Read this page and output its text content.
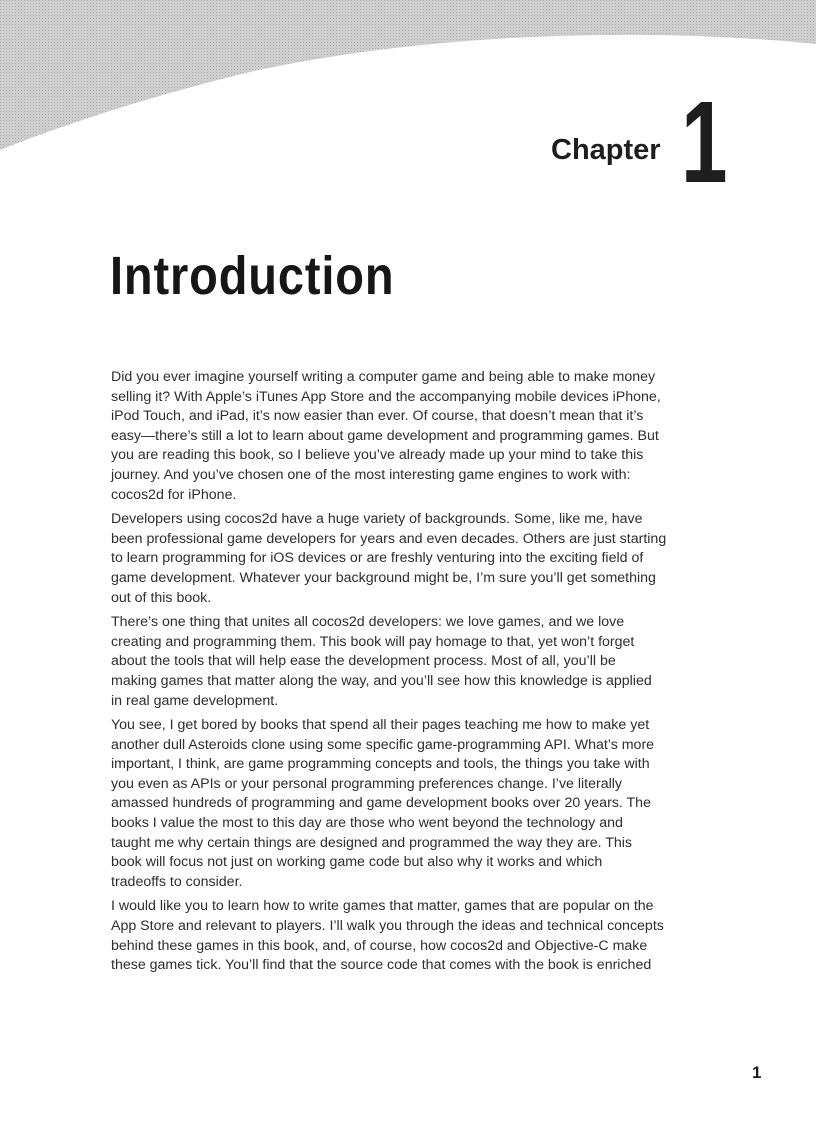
Chapter 1
Introduction

Did you ever imagine yourself writing a computer game and being able to make money
selling it? With Apple’s iTunes App Store and the accompanying mobile devices iPhone,
iPod Touch, and iPad, it’s now easier than ever. Of course, that doesn’t mean that it’s
easy—there’s still a lot to learn about game development and programming games. But
you are reading this book, so I believe you’ve already made up your mind to take this
journey. And you’ve chosen one of the most interesting game engines to work with:
cocos2d for iPhone.

Developers using cocos2d have a huge variety of backgrounds. Some, like me, have
been professional game developers for years and even decades. Others are just starting
to learn programming for iOS devices or are freshly venturing into the exciting field of
game development. Whatever your background might be, I’m sure you’ll get something
out of this book.

There’s one thing that unites all cocos2d developers: we love games, and we love
creating and programming them. This book will pay homage to that, yet won’t forget
about the tools that will help ease the development process. Most of all, you’ll be
making games that matter along the way, and you’ll see how this knowledge is applied
in real game development.

You see, I get bored by books that spend all their pages teaching me how to make yet
another dull Asteroids clone using some specific game-programming API. What’s more
important, I think, are game programming concepts and tools, the things you take with
you even as APIs or your personal programming preferences change. I’ve literally
amassed hundreds of programming and game development books over 20 years. The
books I value the most to this day are those who went beyond the technology and
taught me why certain things are designed and programmed the way they are. This
book will focus not just on working game code but also why it works and which
tradeoffs to consider.

I would like you to learn how to write games that matter, games that are popular on the
App Store and relevant to players. I’ll walk you through the ideas and technical concepts
behind these games in this book, and, of course, how cocos2d and Objective-C make
these games tick. You’ll find that the source code that comes with the book is enriched

1
